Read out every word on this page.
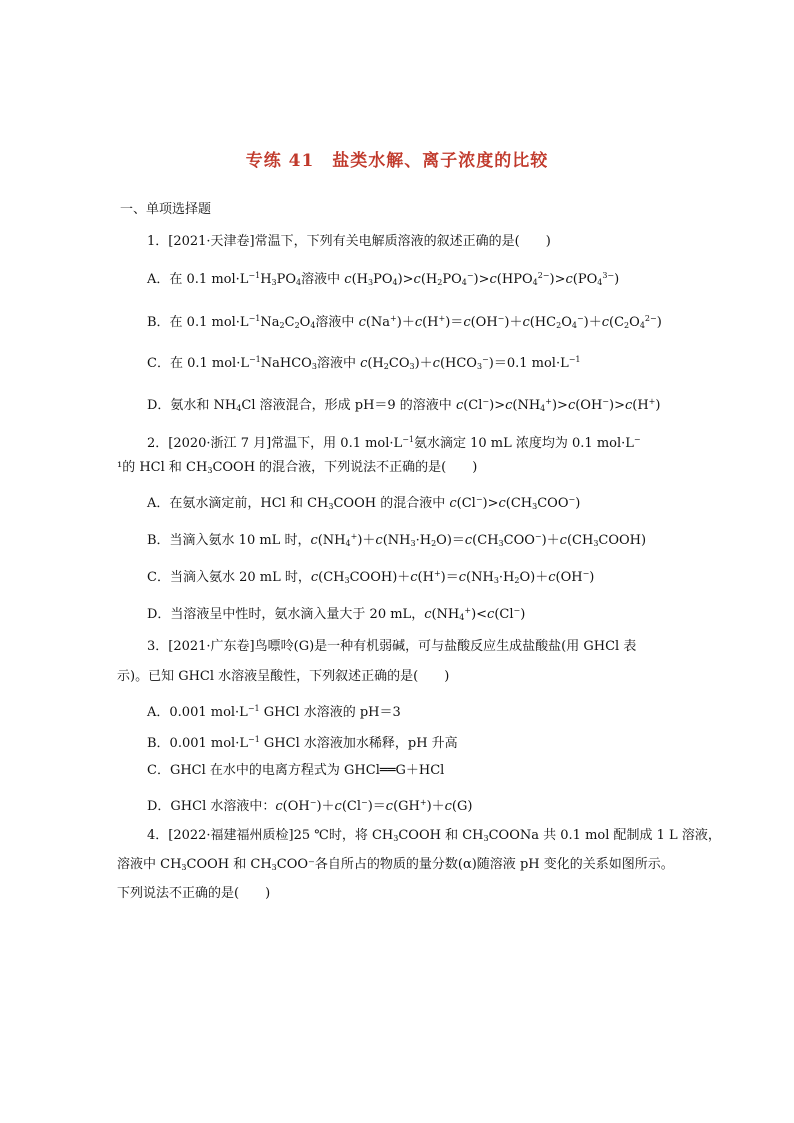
专练 41　盐类水解、离子浓度的比较
一、单项选择题
1．[2021·天津卷]常温下，下列有关电解质溶液的叙述正确的是(　　)
A．在 0.1 $mol\cdot L^{-1}H_3PO_4$溶液中 $c(H_3PO_4)>c(H_2PO_4^-)>c(HPO_4^{2-})>c(PO_4^{3-})$
B．在 0.1 $mol\cdot L^{-1}Na_2C_2O_4$溶液中 $c(Na^+)+c(H^+)=c(OH^-)+c(HC_2O_4^-)+c(C_2O_4^{2-})$
C．在 0.1 $mol\cdot L^{-1}NaHCO_3$溶液中 $c(H_2CO_3)+c(HCO_3^-)=0.1$ $mol\cdot L^{-1}$
D．氨水和 $NH_4Cl$ 溶液混合，形成 pH＝9 的溶液中 $c(Cl^-)>c(NH_4^+)>c(OH^-)>c(H^+)$
2．[2020·浙江 7 月]常温下，用 0.1 $mol\cdot L^{-1}$氨水滴定 10 mL 浓度均为 0.1 mol·L−
¹的 HCl 和 $CH_3COOH$ 的混合液，下列说法不正确的是(　　)
A．在氨水滴定前，HCl 和 $CH_3COOH$ 的混合液中 $c(Cl^-)>c(CH_3COO^-)$
B．当滴入氨水 10 mL 时，$c(NH_4^+)+c(NH_3\cdot H_2O)=c(CH_3COO^-)+c(CH_3COOH)$
C．当滴入氨水 20 mL 时，$c(CH_3COOH)+c(H^+)=c(NH_3\cdot H_2O)+c(OH^-)$
D．当溶液呈中性时，氨水滴入量大于 20 mL，$c(NH_4^+)<c(Cl^-)$
3．[2021·广东卷]鸟嘌呤(G)是一种有机弱碱，可与盐酸反应生成盐酸盐(用 GHCl 表
示)。已知 GHCl 水溶液呈酸性，下列叙述正确的是(　　)
A．0.001 $mol\cdot L^{-1}$ GHCl 水溶液的 pH＝3
B．0.001 $mol\cdot L^{-1}$ GHCl 水溶液加水稀释，pH 升高
C．GHCl 在水中的电离方程式为 GHCl══G＋HCl
D．GHCl 水溶液中：c(OH−)＋c(Cl−)＝c(GH+)＋c(G)
4．[2022·福建福州质检]25 ℃时，将 $CH_3COOH$ 和 $CH_3COONa$ 共 0.1 mol 配制成 1 L 溶液，
溶液中 $CH_3COOH$ 和 $CH_3COO^-$各自所占的物质的量分数(α)随溶液 pH 变化的关系如图所示。
下列说法不正确的是(　　)
